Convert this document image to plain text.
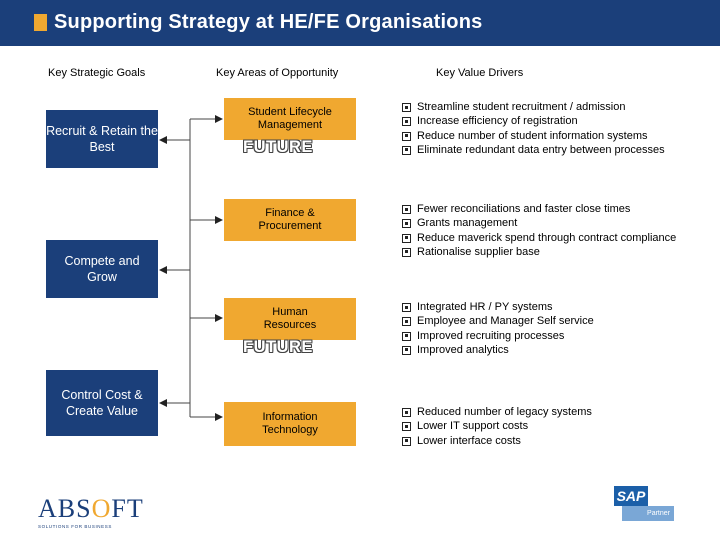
Supporting Strategy at HE/FE Organisations
Key Strategic Goals	Key Areas of Opportunity	Key Value Drivers
Recruit & Retain the Best
Compete and Grow
Control Cost & Create Value
Student Lifecycle Management
FUTURE
Finance & Procurement
Human Resources
FUTURE
Information Technology
Streamline student recruitment / admission
Increase efficiency of registration
Reduce number of student information systems
Eliminate redundant data entry between processes
Fewer reconciliations and faster close times
Grants management
Reduce maverick spend through contract compliance
Rationalise supplier base
Integrated HR / PY systems
Employee and Manager Self service
Improved recruiting processes
Improved analytics
Reduced number of legacy systems
Lower IT support costs
Lower interface costs
ABSOFT
SOLUTIONS FOR BUSINESS
Partner
SAP
